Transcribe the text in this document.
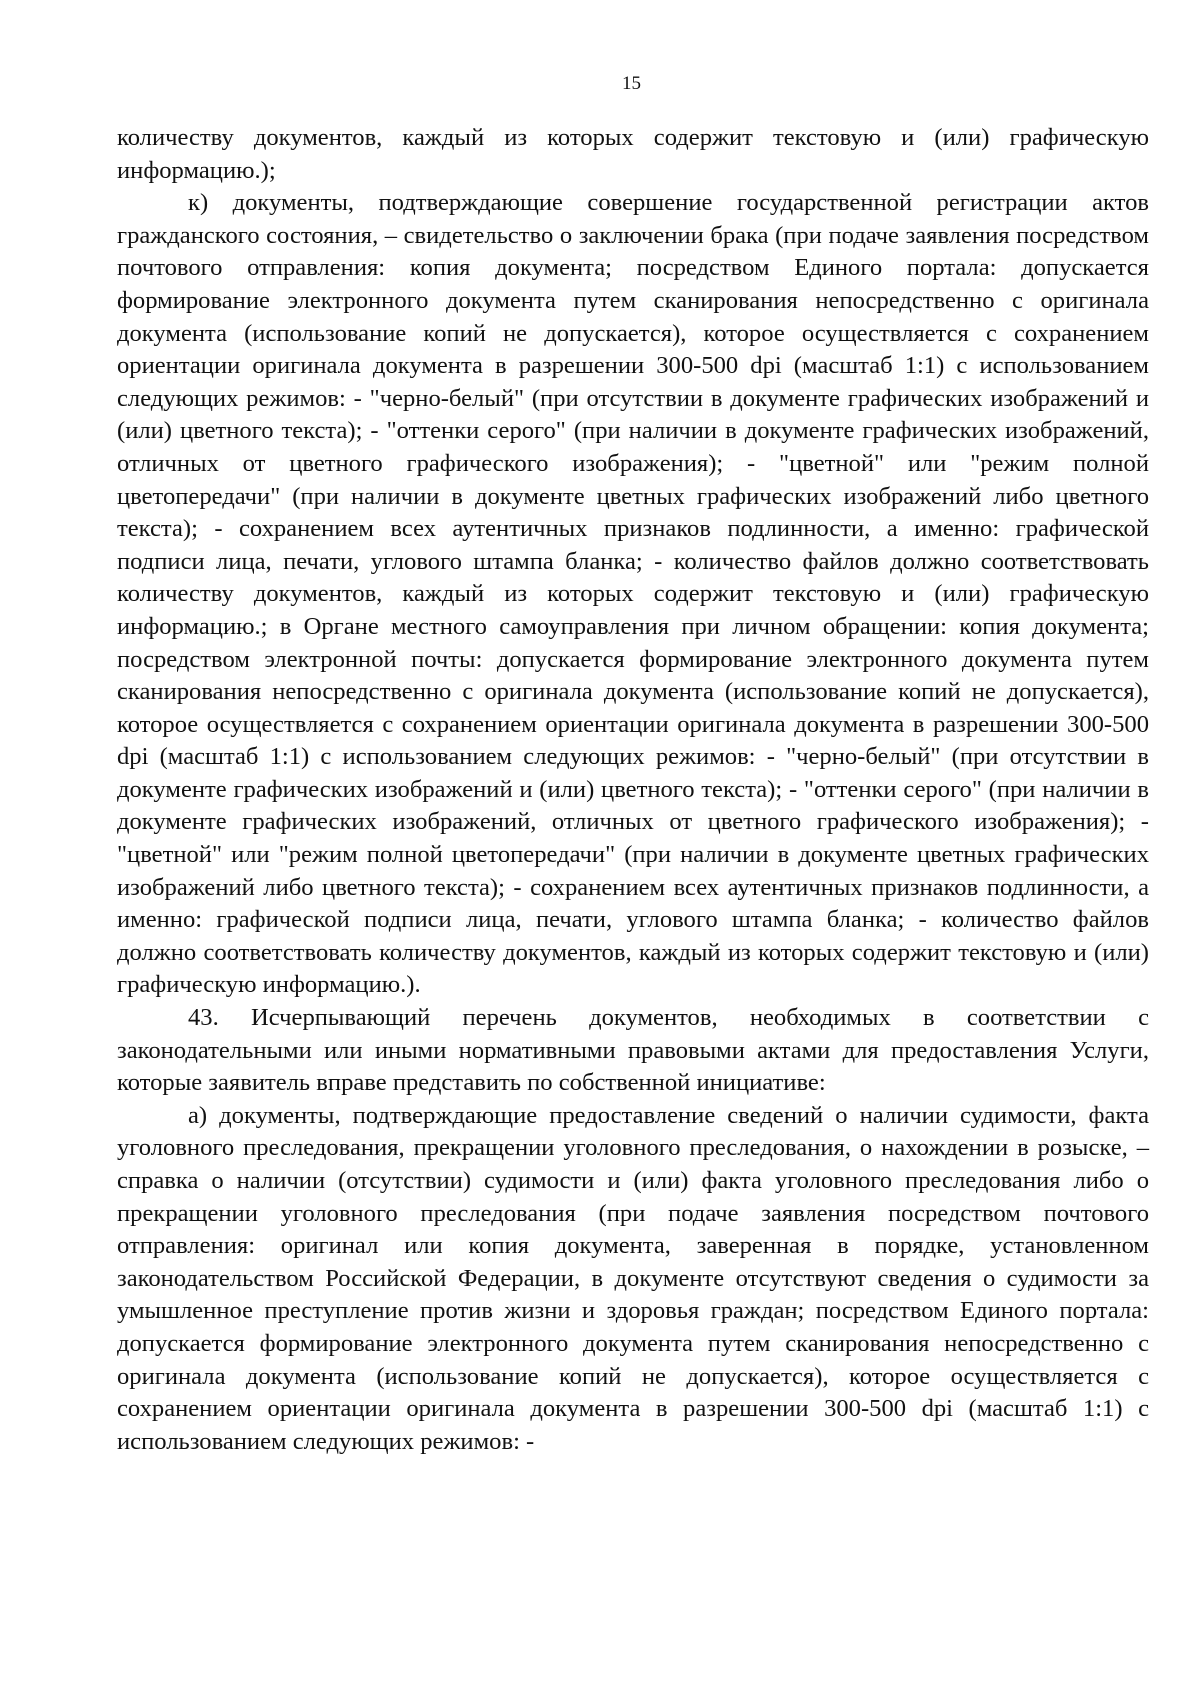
15

количеству документов, каждый из которых содержит текстовую и (или) графическую информацию.);

к) документы, подтверждающие совершение государственной регистрации актов гражданского состояния, – свидетельство о заключении брака (при подаче заявления посредством почтового отправления: копия документа; посредством Единого портала: допускается формирование электронного документа путем сканирования непосредственно с оригинала документа (использование копий не допускается), которое осуществляется с сохранением ориентации оригинала документа в разрешении 300-500 dpi (масштаб 1:1) с использованием следующих режимов: - "черно-белый" (при отсутствии в документе графических изображений и (или) цветного текста); - "оттенки серого" (при наличии в документе графических изображений, отличных от цветного графического изображения); - "цветной" или "режим полной цветопередачи" (при наличии в документе цветных графических изображений либо цветного текста); - сохранением всех аутентичных признаков подлинности, а именно: графической подписи лица, печати, углового штампа бланка; - количество файлов должно соответствовать количеству документов, каждый из которых содержит текстовую и (или) графическую информацию.; в Органе местного самоуправления при личном обращении: копия документа; посредством электронной почты: допускается формирование электронного документа путем сканирования непосредственно с оригинала документа (использование копий не допускается), которое осуществляется с сохранением ориентации оригинала документа в разрешении 300-500 dpi (масштаб 1:1) с использованием следующих режимов: - "черно-белый" (при отсутствии в документе графических изображений и (или) цветного текста); - "оттенки серого" (при наличии в документе графических изображений, отличных от цветного графического изображения); - "цветной" или "режим полной цветопередачи" (при наличии в документе цветных графических изображений либо цветного текста); - сохранением всех аутентичных признаков подлинности, а именно: графической подписи лица, печати, углового штампа бланка; - количество файлов должно соответствовать количеству документов, каждый из которых содержит текстовую и (или) графическую информацию.).

43. Исчерпывающий перечень документов, необходимых в соответствии с законодательными или иными нормативными правовыми актами для предоставления Услуги, которые заявитель вправе представить по собственной инициативе:

а) документы, подтверждающие предоставление сведений о наличии судимости, факта уголовного преследования, прекращении уголовного преследования, о нахождении в розыске, – справка о наличии (отсутствии) судимости и (или) факта уголовного преследования либо о прекращении уголовного преследования (при подаче заявления посредством почтового отправления: оригинал или копия документа, заверенная в порядке, установленном законодательством Российской Федерации, в документе отсутствуют сведения о судимости за умышленное преступление против жизни и здоровья граждан; посредством Единого портала: допускается формирование электронного документа путем сканирования непосредственно с оригинала документа (использование копий не допускается), которое осуществляется с сохранением ориентации оригинала документа в разрешении 300-500 dpi (масштаб 1:1) с использованием следующих режимов: -
